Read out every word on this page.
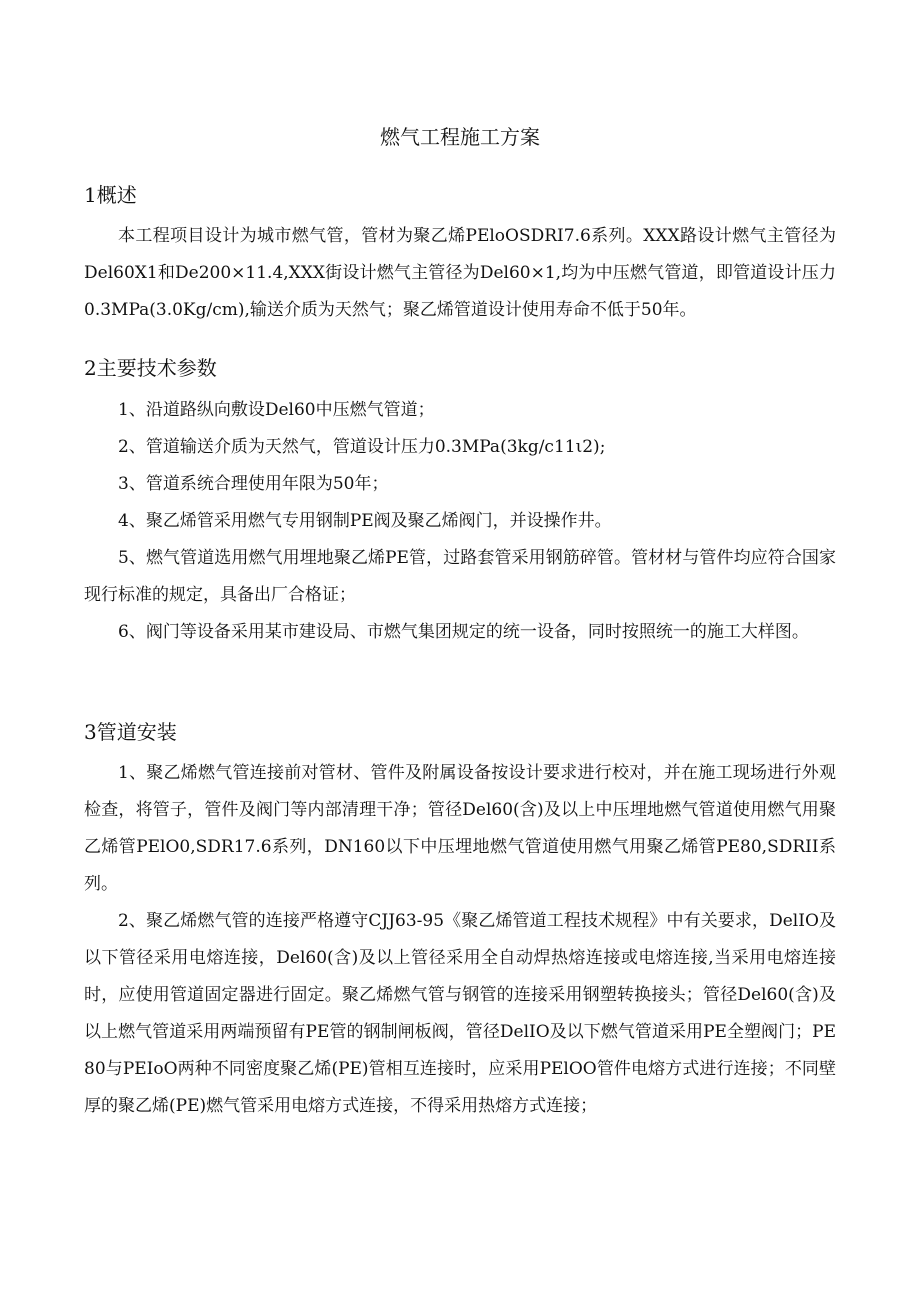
燃气工程施工方案
1概述
本工程项目设计为城市燃气管，管材为聚乙烯PEloOSDRI7.6系列。XXX路设计燃气主管径为Del60X1和De200×11.4,XXX街设计燃气主管径为Del60×1,均为中压燃气管道，即管道设计压力0.3MPa(3.0Kg∕cm),输送介质为天然气；聚乙烯管道设计使用寿命不低于50年。
2主要技术参数
1、沿道路纵向敷设Del60中压燃气管道；
2、管道输送介质为天然气，管道设计压力0.3MPa(3kg∕c11ι2);
3、管道系统合理使用年限为50年；
4、聚乙烯管采用燃气专用钢制PE阀及聚乙烯阀门，并设操作井。
5、燃气管道选用燃气用埋地聚乙烯PE管，过路套管采用钢筋碎管。管材材与管件均应符合国家现行标准的规定，具备出厂合格证；
6、阀门等设备采用某市建设局、市燃气集团规定的统一设备，同时按照统一的施工大样图。
3管道安装
1、聚乙烯燃气管连接前对管材、管件及附属设备按设计要求进行校对，并在施工现场进行外观检查，将管子，管件及阀门等内部清理干净；管径Del60(含)及以上中压埋地燃气管道使用燃气用聚乙烯管PElO0,SDR17.6系列，DN160以下中压埋地燃气管道使用燃气用聚乙烯管PE80,SDRII系列。
2、聚乙烯燃气管的连接严格遵守CJJ63-95《聚乙烯管道工程技术规程》中有关要求，DelIO及以下管径采用电熔连接，Del60(含)及以上管径采用全自动焊热熔连接或电熔连接,当采用电熔连接时，应使用管道固定器进行固定。聚乙烯燃气管与钢管的连接采用钢塑转换接头；管径Del60(含)及以上燃气管道采用两端预留有PE管的钢制闸板阀，管径DelIO及以下燃气管道采用PE全塑阀门；PE80与PEIoO两种不同密度聚乙烯(PE)管相互连接时，应采用PElOO管件电熔方式进行连接；不同壁厚的聚乙烯(PE)燃气管采用电熔方式连接，不得采用热熔方式连接；
